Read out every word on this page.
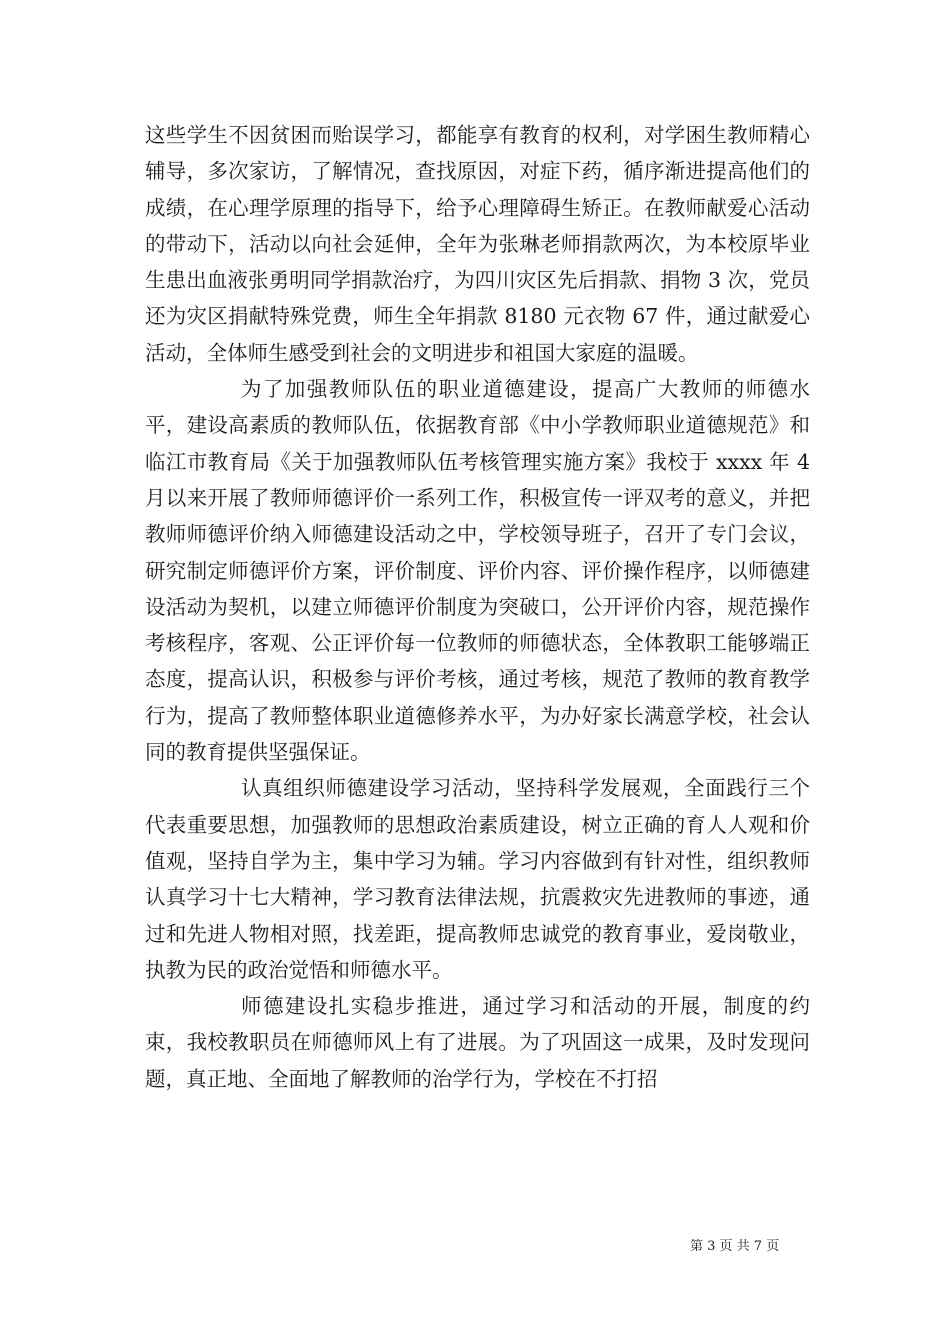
这些学生不因贫困而贻误学习，都能享有教育的权利，对学困生教师精心辅导，多次家访，了解情况，查找原因，对症下药，循序渐进提高他们的成绩，在心理学原理的指导下，给予心理障碍生矫正。在教师献爱心活动的带动下，活动以向社会延伸，全年为张琳老师捐款两次，为本校原毕业生患出血液张勇明同学捐款治疗，为四川灾区先后捐款、捐物 3 次，党员还为灾区捐献特殊党费，师生全年捐款 8180 元衣物 67 件，通过献爱心活动，全体师生感受到社会的文明进步和祖国大家庭的温暖。

为了加强教师队伍的职业道德建设，提高广大教师的师德水平，建设高素质的教师队伍，依据教育部《中小学教师职业道德规范》和临江市教育局《关于加强教师队伍考核管理实施方案》我校于 xxxx 年 4 月以来开展了教师师德评价一系列工作，积极宣传一评双考的意义，并把教师师德评价纳入师德建设活动之中，学校领导班子，召开了专门会议，研究制定师德评价方案，评价制度、评价内容、评价操作程序，以师德建设活动为契机，以建立师德评价制度为突破口，公开评价内容，规范操作考核程序，客观、公正评价每一位教师的师德状态，全体教职工能够端正态度，提高认识，积极参与评价考核，通过考核，规范了教师的教育教学行为，提高了教师整体职业道德修养水平，为办好家长满意学校，社会认同的教育提供坚强保证。

认真组织师德建设学习活动，坚持科学发展观，全面践行三个代表重要思想，加强教师的思想政治素质建设，树立正确的育人人观和价值观，坚持自学为主，集中学习为辅。学习内容做到有针对性，组织教师认真学习十七大精神，学习教育法律法规，抗震救灾先进教师的事迹，通过和先进人物相对照，找差距，提高教师忠诚党的教育事业，爱岗敬业，执教为民的政治觉悟和师德水平。

师德建设扎实稳步推进，通过学习和活动的开展，制度的约束，我校教职员在师德师风上有了进展。为了巩固这一成果，及时发现问题，真正地、全面地了解教师的治学行为，学校在不打招

第 3 页 共 7 页
